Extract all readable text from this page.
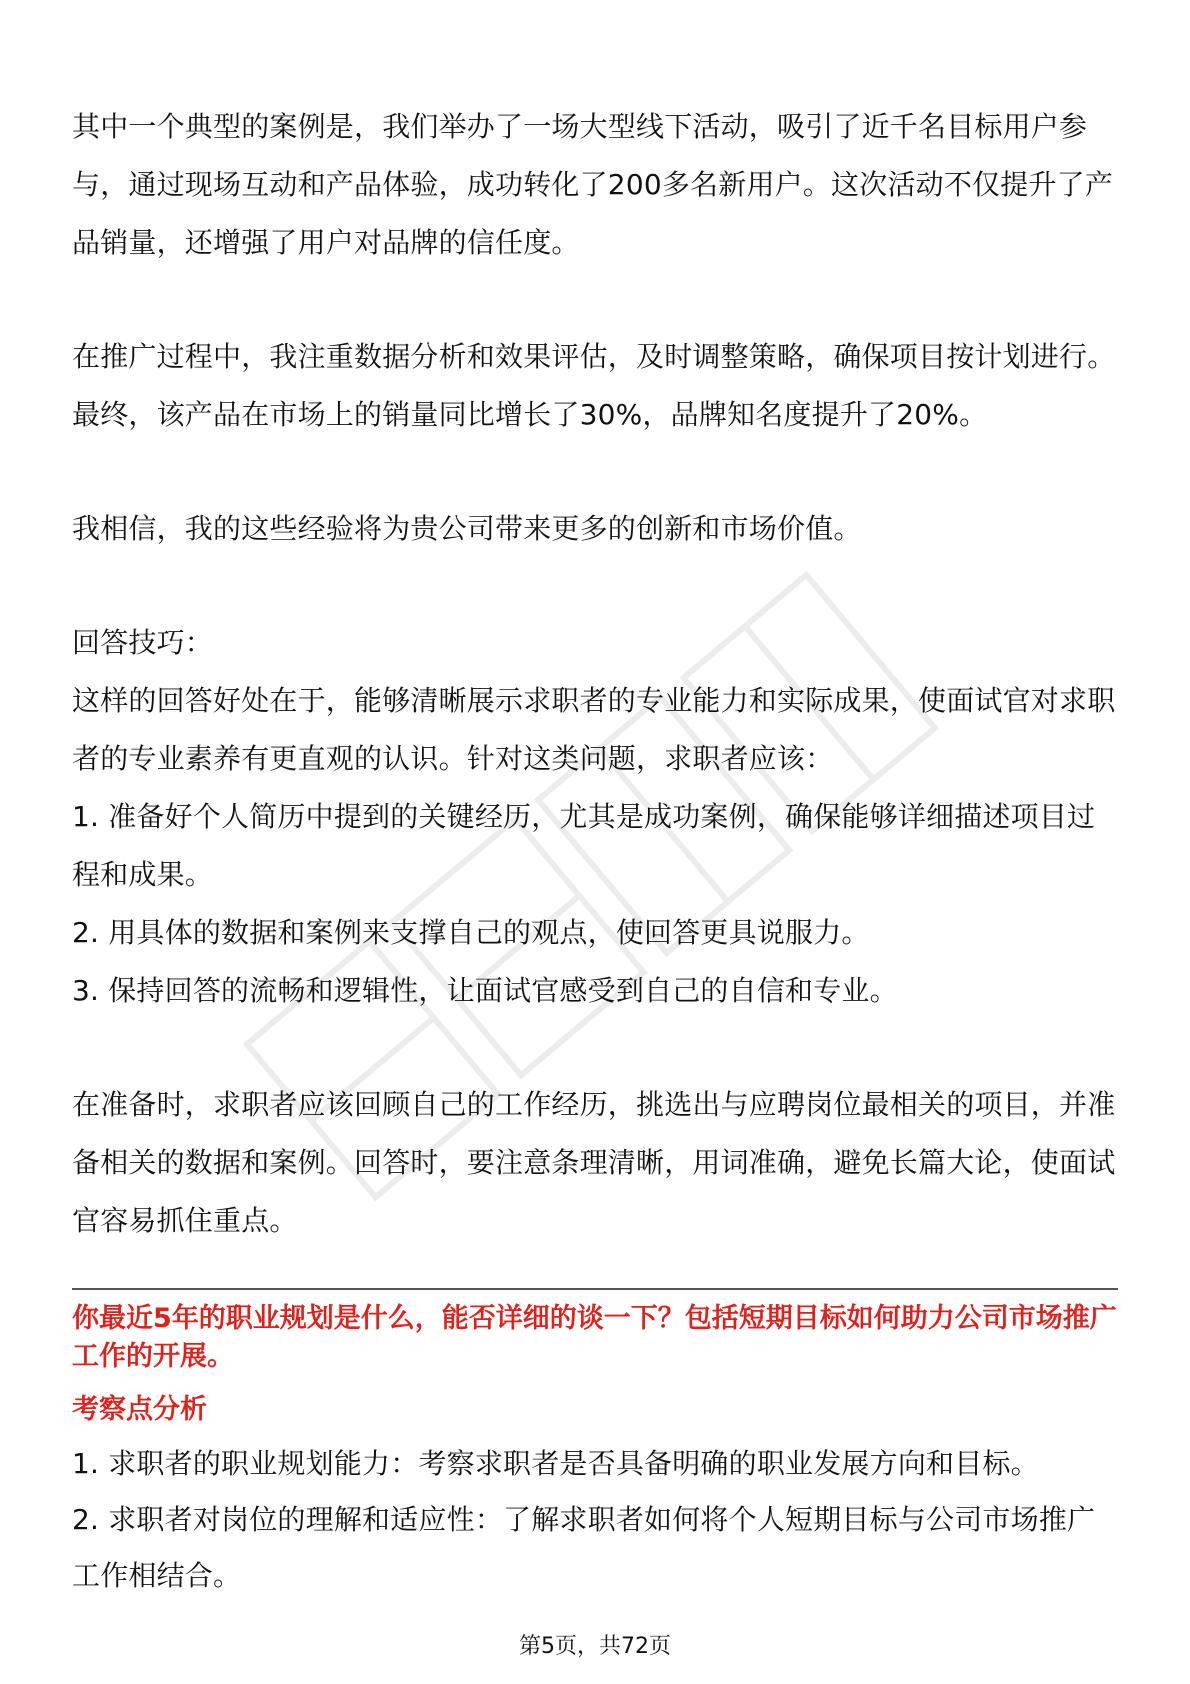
其中一个典型的案例是，我们举办了一场大型线下活动，吸引了近千名目标用户参与，通过现场互动和产品体验，成功转化了200多名新用户。这次活动不仅提升了产品销量，还增强了用户对品牌的信任度。

在推广过程中，我注重数据分析和效果评估，及时调整策略，确保项目按计划进行。最终，该产品在市场上的销量同比增长了30%，品牌知名度提升了20%。

我相信，我的这些经验将为贵公司带来更多的创新和市场价值。

回答技巧：

这样的回答好处在于，能够清晰展示求职者的专业能力和实际成果，使面试官对求职者的专业素养有更直观的认识。针对这类问题，求职者应该：

1. 准备好个人简历中提到的关键经历，尤其是成功案例，确保能够详细描述项目过程和成果。

2. 用具体的数据和案例来支撑自己的观点，使回答更具说服力。

3. 保持回答的流畅和逻辑性，让面试官感受到自己的自信和专业。

在准备时，求职者应该回顾自己的工作经历，挑选出与应聘岗位最相关的项目，并准备相关的数据和案例。回答时，要注意条理清晰，用词准确，避免长篇大论，使面试官容易抓住重点。

你最近5年的职业规划是什么，能否详细的谈一下？包括短期目标如何助力公司市场推广工作的开展。

考察点分析

1. 求职者的职业规划能力：考察求职者是否具备明确的职业发展方向和目标。

2. 求职者对岗位的理解和适应性：了解求职者如何将个人短期目标与公司市场推广工作相结合。

第5页，共72页
